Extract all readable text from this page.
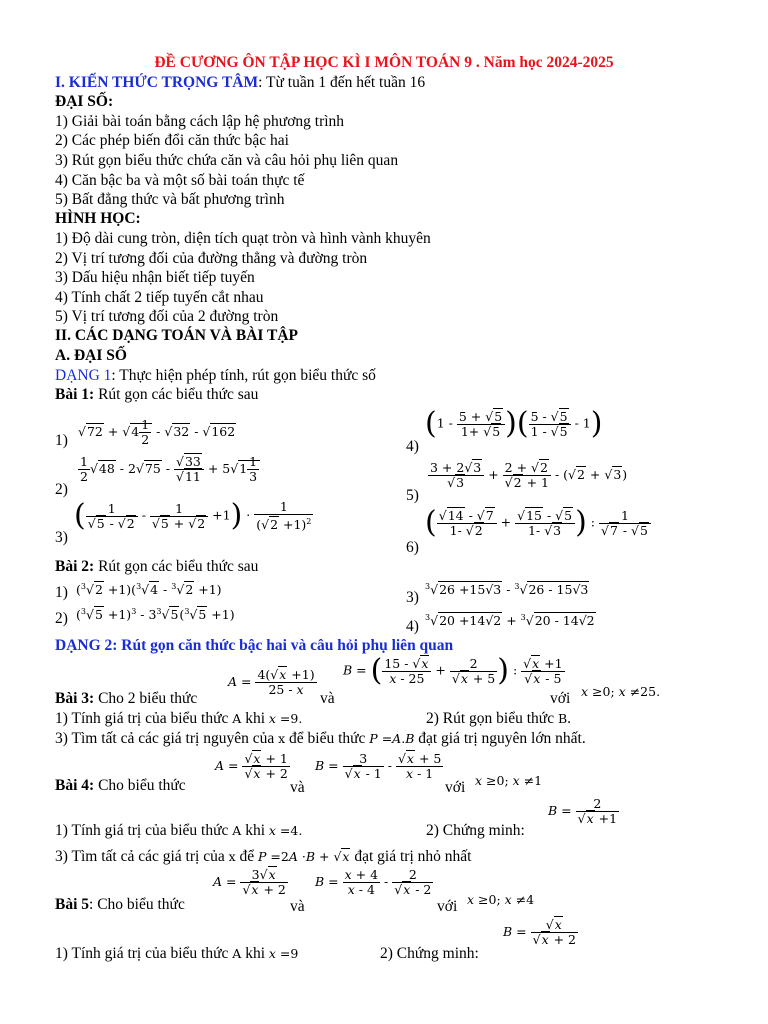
ĐỀ CƯƠNG ÔN TẬP HỌC KÌ I MÔN TOÁN 9 . Năm học 2024-2025
I. KIẾN THỨC TRỌNG TÂM: Từ tuần 1 đến hết tuần 16
ĐẠI SỐ:
1) Giải bài toán bằng cách lập hệ phương trình
2) Các phép biến đổi căn thức bậc hai
3) Rút gọn biểu thức chứa căn và câu hỏi phụ liên quan
4) Căn bậc ba và một số bài toán thực tế
5) Bất đẳng thức và bất phương trình
HÌNH HỌC:
1) Độ dài cung tròn, diện tích quạt tròn và hình vành khuyên
2) Vị trí tương đối của đường thẳng và đường tròn
3) Dấu hiệu nhận biết tiếp tuyến
4) Tính chất 2 tiếp tuyến cắt nhau
5) Vị trí tương đối của 2 đường tròn
II. CÁC DẠNG TOÁN VÀ BÀI TẬP
A. ĐẠI SỐ
DẠNG 1: Thực hiện phép tính, rút gọn biểu thức số
Bài 1: Rút gọn các biểu thức sau
1)
$√72 + √4 \frac{1}{2} - √32 - √162$
2)
$\frac{1}{2} √48 - 2√75 - \frac{√33}{√11} + 5√1 \frac{1}{3}$
3)
( $\frac{1}{√5 - √2} - \frac{1}{√5 + √2} +1) \cdot \frac{1}{(√2 +1)^2}$
4)
($1 - \frac{5 + √5}{1+ √5}$ )( $\frac{5 - √5}{1 - √5} - 1$)
5)
$\frac{3 + 2√3}{√3} + \frac{2 + √2}{√2 + 1} - (√2 + √3)$
6)
( $\frac{√14 - √7}{1- √2} + \frac{√15 - √5}{1- √3}$ ) : $\frac{1}{√7 - √5}$
Bài 2: Rút gọn các biểu thức sau
1) ($^3$√2 +1)($^3$√4 - $^3$√2 +1)
2) $(^3√5 +1)^3 - 3^3√5(^3√5 +1)$
3)
$^3$√26 +15√3 - $^3$√26 - 15√3
4)
$^3$√20 +14√2 + $^3$√20 - 14√2
DẠNG 2: Rút gọn căn thức bậc hai và câu hỏi phụ liên quan
Bài 3: Cho 2 biểu thức
$A = \frac{4(√x +1)}{25 - x}$
và
B = ( $\frac{15 - √x}{x - 25} + \frac{2}{√x + 5}$ ) : $\frac{√x +1}{√x - 5}$
với x ≥0; x ≠25.
1) Tính giá trị của biểu thức A khi x =9.	2) Rút gọn biểu thức B.
3) Tìm tất cả các giá trị nguyên của x để biểu thức P =A.B đạt giá trị nguyên lớn nhất.
Bài 4: Cho biểu thức
$A = \frac{√x + 1}{√x + 2}$
và
$B = \frac{3}{√x - 1} - \frac{√x + 5}{x - 1}$
với x ≥0; x ≠1
1) Tính giá trị của biểu thức A khi x =4.	2) Chứng minh:
$B = \frac{2}{√x +1}$
3) Tìm tất cả các giá trị của x để P =2A ·B + √x đạt giá trị nhỏ nhất
Bài 5: Cho biểu thức
$A = \frac{3√x}{√x + 2}$
và
$B = \frac{x + 4}{x - 4} - \frac{2}{√x - 2}$
với x ≥0; x ≠4
1) Tính giá trị của biểu thức A khi x =9	2) Chứng minh:
$B = \frac{√x}{√x + 2}$
